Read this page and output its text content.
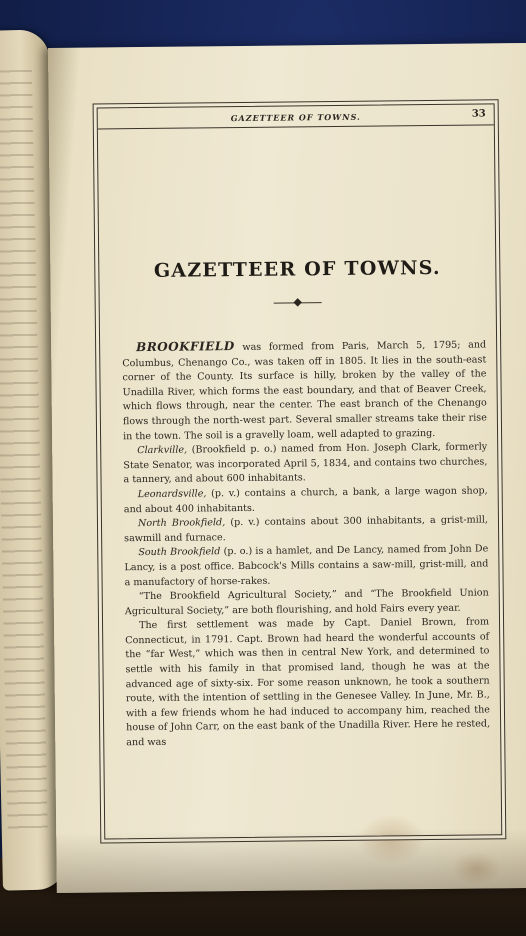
GAZETTEER OF TOWNS.	33
GAZETTEER OF TOWNS.

BROOKFIELD was formed from Paris, March 5, 1795; and Columbus, Chenango Co., was taken off in 1805. It lies in the south-east corner of the County. Its surface is hilly, broken by the valley of the Unadilla River, which forms the east boundary, and that of Beaver Creek, which flows through, near the center. The east branch of the Chenango flows through the north-west part. Several smaller streams take their rise in the town. The soil is a gravelly loam, well adapted to grazing.

Clarkville, (Brookfield p. o.) named from Hon. Joseph Clark, formerly State Senator, was incorporated April 5, 1834, and contains two churches, a tannery, and about 600 inhabitants.

Leonardsville, (p. v.) contains a church, a bank, a large wagon shop, and about 400 inhabitants.

North Brookfield, (p. v.) contains about 300 inhabitants, a grist-mill, sawmill and furnace.

South Brookfield (p. o.) is a hamlet, and De Lancy, named from John De Lancy, is a post office. Babcock's Mills contains a saw-mill, grist-mill, and a manufactory of horse-rakes.

“The Brookfield Agricultural Society,” and “The Brookfield Union Agricultural Society,” are both flourishing, and hold Fairs every year.

The first settlement was made by Capt. Daniel Brown, from Connecticut, in 1791. Capt. Brown had heard the wonderful accounts of the “far West,” which was then in central New York, and determined to settle with his family in that promised land, though he was at the advanced age of sixty-six. For some reason unknown, he took a southern route, with the intention of settling in the Genesee Valley. In June, Mr. B., with a few friends whom he had induced to accompany him, reached the house of John Carr, on the east bank of the Unadilla River. Here he rested, and was
